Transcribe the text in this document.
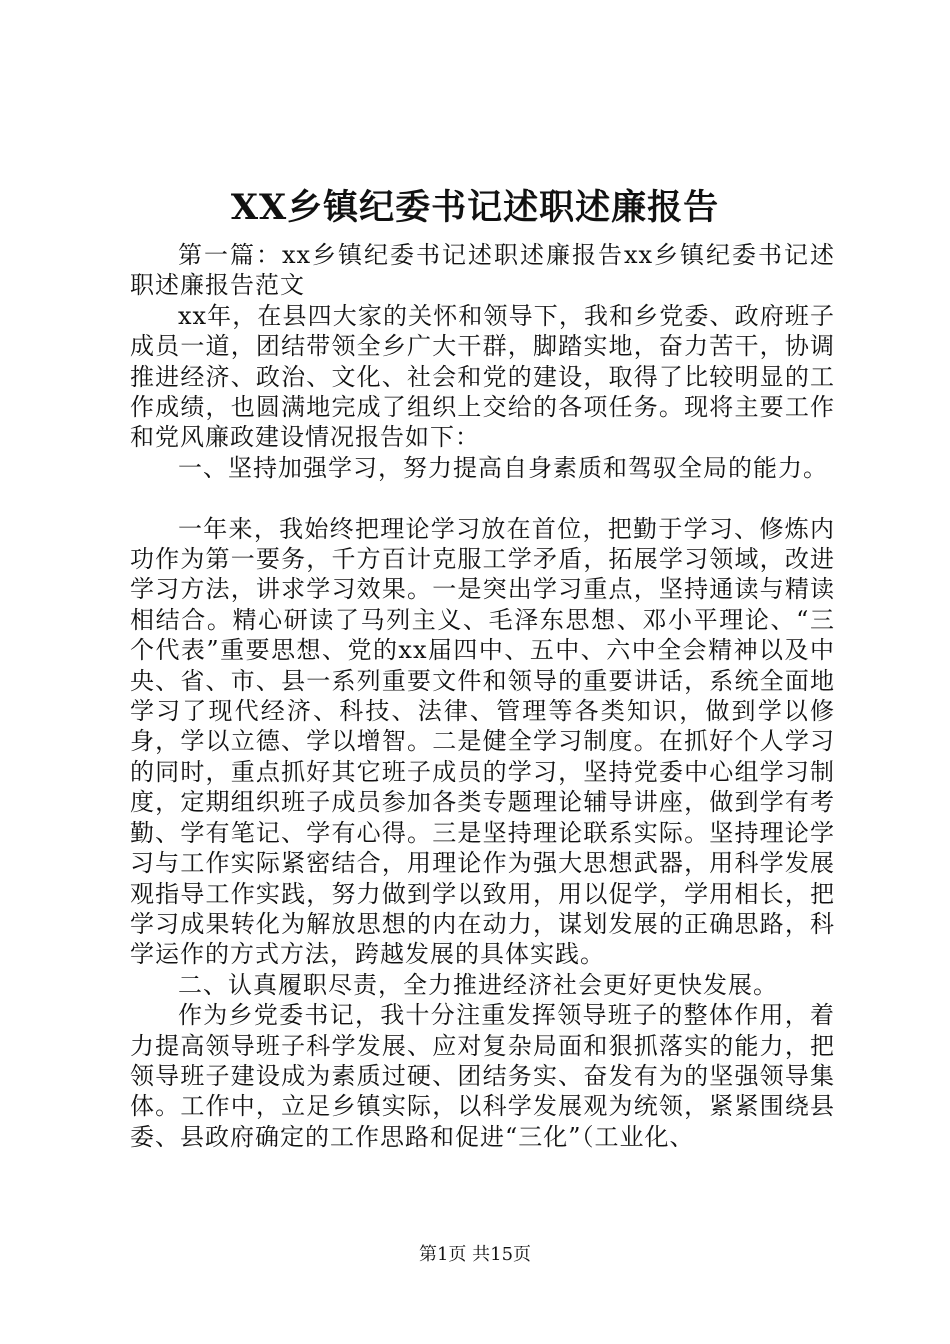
XX乡镇纪委书记述职述廉报告

第一篇：xx乡镇纪委书记述职述廉报告xx乡镇纪委书记述职述廉报告范文

xx年，在县四大家的关怀和领导下，我和乡党委、政府班子成员一道，团结带领全乡广大干群，脚踏实地，奋力苦干，协调推进经济、政治、文化、社会和党的建设，取得了比较明显的工作成绩，也圆满地完成了组织上交给的各项任务。现将主要工作和党风廉政建设情况报告如下：

一、坚持加强学习，努力提高自身素质和驾驭全局的能力。

一年来，我始终把理论学习放在首位，把勤于学习、修炼内功作为第一要务，千方百计克服工学矛盾，拓展学习领域，改进学习方法，讲求学习效果。一是突出学习重点，坚持通读与精读相结合。精心研读了马列主义、毛泽东思想、邓小平理论、“三个代表”重要思想、党的xx届四中、五中、六中全会精神以及中央、省、市、县一系列重要文件和领导的重要讲话，系统全面地学习了现代经济、科技、法律、管理等各类知识，做到学以修身，学以立德、学以增智。二是健全学习制度。在抓好个人学习的同时，重点抓好其它班子成员的学习，坚持党委中心组学习制度，定期组织班子成员参加各类专题理论辅导讲座，做到学有考勤、学有笔记、学有心得。三是坚持理论联系实际。坚持理论学习与工作实际紧密结合，用理论作为强大思想武器，用科学发展观指导工作实践，努力做到学以致用，用以促学，学用相长，把学习成果转化为解放思想的内在动力，谋划发展的正确思路，科学运作的方式方法，跨越发展的具体实践。

二、认真履职尽责，全力推进经济社会更好更快发展。

作为乡党委书记，我十分注重发挥领导班子的整体作用，着力提高领导班子科学发展、应对复杂局面和狠抓落实的能力，把领导班子建设成为素质过硬、团结务实、奋发有为的坚强领导集体。工作中，立足乡镇实际，以科学发展观为统领，紧紧围绕县委、县政府确定的工作思路和促进“三化”（工业化、

第1页 共15页
